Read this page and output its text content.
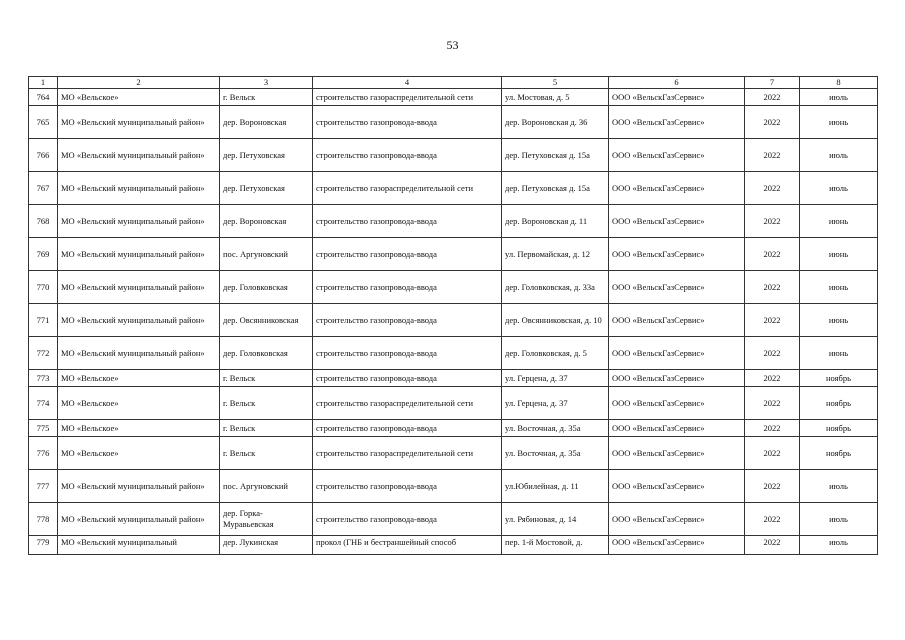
53
1	2	3	4	5	6	7	8
764	МО «Вельское»	г. Вельск	строительство газораспределительной сети	ул. Мостовая, д. 5	ООО «ВельскГазСервис»	2022	июль
765	МО «Вельский муниципальный район»	дер. Вороновская	строительство газопровода-ввода	дер. Вороновская д. 36	ООО «ВельскГазСервис»	2022	июнь
766	МО «Вельский муниципальный район»	дер. Петуховская	строительство газопровода-ввода	дер. Петуховская д. 15а	ООО «ВельскГазСервис»	2022	июль
767	МО «Вельский муниципальный район»	дер. Петуховская	строительство газораспределительной сети	дер. Петуховская д. 15а	ООО «ВельскГазСервис»	2022	июль
768	МО «Вельский муниципальный район»	дер. Вороновская	строительство газопровода-ввода	дер. Вороновская д. 11	ООО «ВельскГазСервис»	2022	июнь
769	МО «Вельский муниципальный район»	пос. Аргуновский	строительство газопровода-ввода	ул. Первомайская, д. 12	ООО «ВельскГазСервис»	2022	июнь
770	МО «Вельский муниципальный район»	дер. Головковская	строительство газопровода-ввода	дер. Головковская, д. 33а	ООО «ВельскГазСервис»	2022	июнь
771	МО «Вельский муниципальный район»	дер. Овсянниковская	строительство газопровода-ввода	дер. Овсянниковская, д. 10	ООО «ВельскГазСервис»	2022	июнь
772	МО «Вельский муниципальный район»	дер. Головковская	строительство газопровода-ввода	дер. Головковская, д. 5	ООО «ВельскГазСервис»	2022	июнь
773	МО «Вельское»	г. Вельск	строительство газопровода-ввода	ул. Герцена, д. 37	ООО «ВельскГазСервис»	2022	ноябрь
774	МО «Вельское»	г. Вельск	строительство газораспределительной сети	ул. Герцена, д. 37	ООО «ВельскГазСервис»	2022	ноябрь
775	МО «Вельское»	г. Вельск	строительство газопровода-ввода	ул. Восточная, д. 35а	ООО «ВельскГазСервис»	2022	ноябрь
776	МО «Вельское»	г. Вельск	строительство газораспределительной сети	ул. Восточная, д. 35а	ООО «ВельскГазСервис»	2022	ноябрь
777	МО «Вельский муниципальный район»	пос. Аргуновский	строительство газопровода-ввода	ул.Юбилейная, д. 11	ООО «ВельскГазСервис»	2022	июль
778	МО «Вельский муниципальный район»	дер. Горка-Муравьевская	строительство газопровода-ввода	ул. Рябиновая, д. 14	ООО «ВельскГазСервис»	2022	июль
779	МО «Вельский муниципальный	дер. Лукинская	прокол (ГНБ и бестраншейный способ	пер. 1-й Мостовой, д.	ООО «ВельскГазСервис»	2022	июль
